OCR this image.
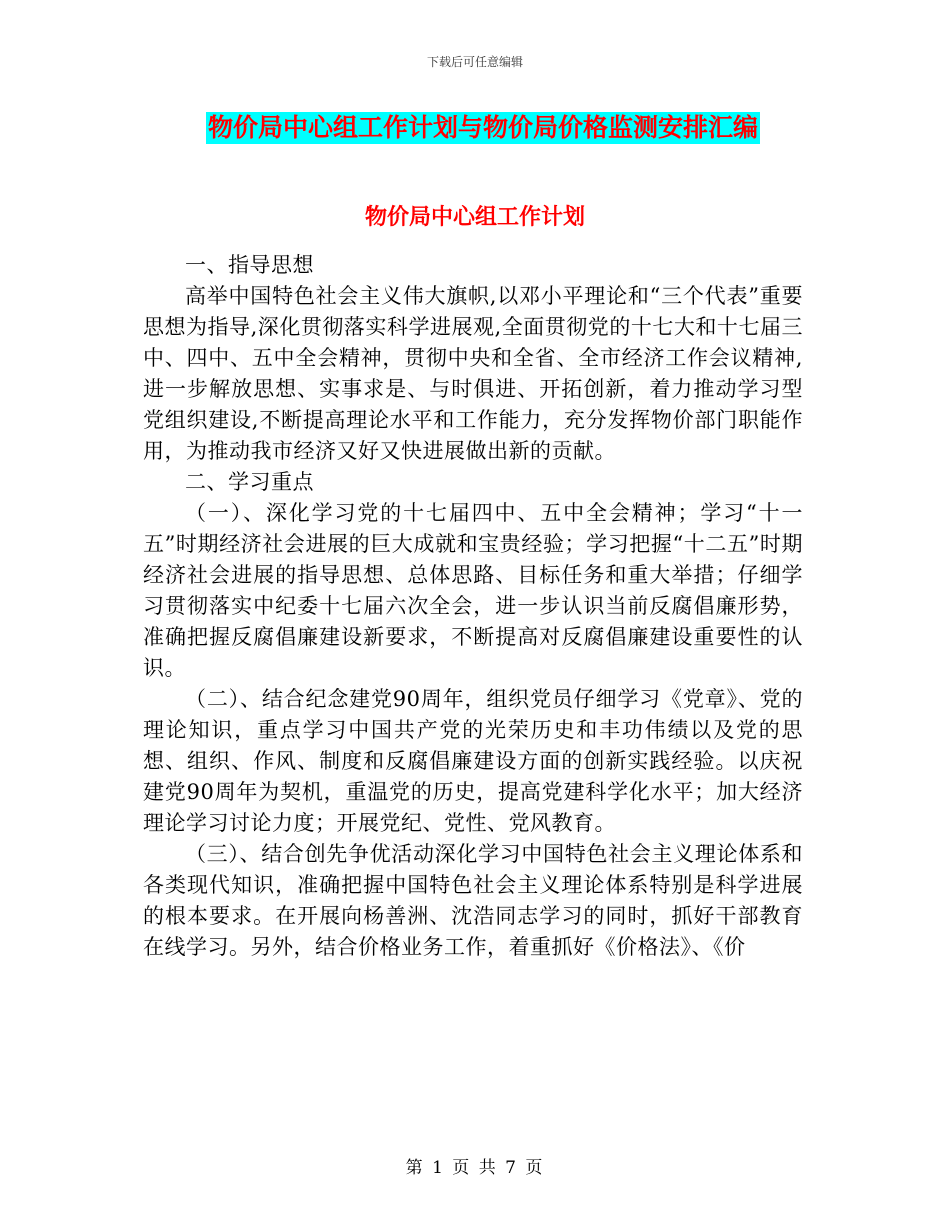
下载后可任意编辑
物价局中心组工作计划与物价局价格监测安排汇编
物价局中心组工作计划

一、指导思想

高举中国特色社会主义伟大旗帜,以邓小平理论和“三个代表”重要思想为指导,深化贯彻落实科学进展观,全面贯彻党的十七大和十七届三中、四中、五中全会精神，贯彻中央和全省、全市经济工作会议精神,进一步解放思想、实事求是、与时俱进、开拓创新，着力推动学习型党组织建设,不断提高理论水平和工作能力，充分发挥物价部门职能作用，为推动我市经济又好又快进展做出新的贡献。

二、学习重点

（一）、深化学习党的十七届四中、五中全会精神；学习“十一五”时期经济社会进展的巨大成就和宝贵经验；学习把握“十二五”时期经济社会进展的指导思想、总体思路、目标任务和重大举措；仔细学习贯彻落实中纪委十七届六次全会，进一步认识当前反腐倡廉形势，准确把握反腐倡廉建设新要求，不断提高对反腐倡廉建设重要性的认识。

（二）、结合纪念建党90周年，组织党员仔细学习《党章》、党的理论知识，重点学习中国共产党的光荣历史和丰功伟绩以及党的思想、组织、作风、制度和反腐倡廉建设方面的创新实践经验。以庆祝建党90周年为契机，重温党的历史，提高党建科学化水平；加大经济理论学习讨论力度；开展党纪、党性、党风教育。

（三）、结合创先争优活动深化学习中国特色社会主义理论体系和各类现代知识，准确把握中国特色社会主义理论体系特别是科学进展的根本要求。在开展向杨善洲、沈浩同志学习的同时，抓好干部教育在线学习。另外，结合价格业务工作，着重抓好《价格法》、《价

第 1 页 共 7 页
